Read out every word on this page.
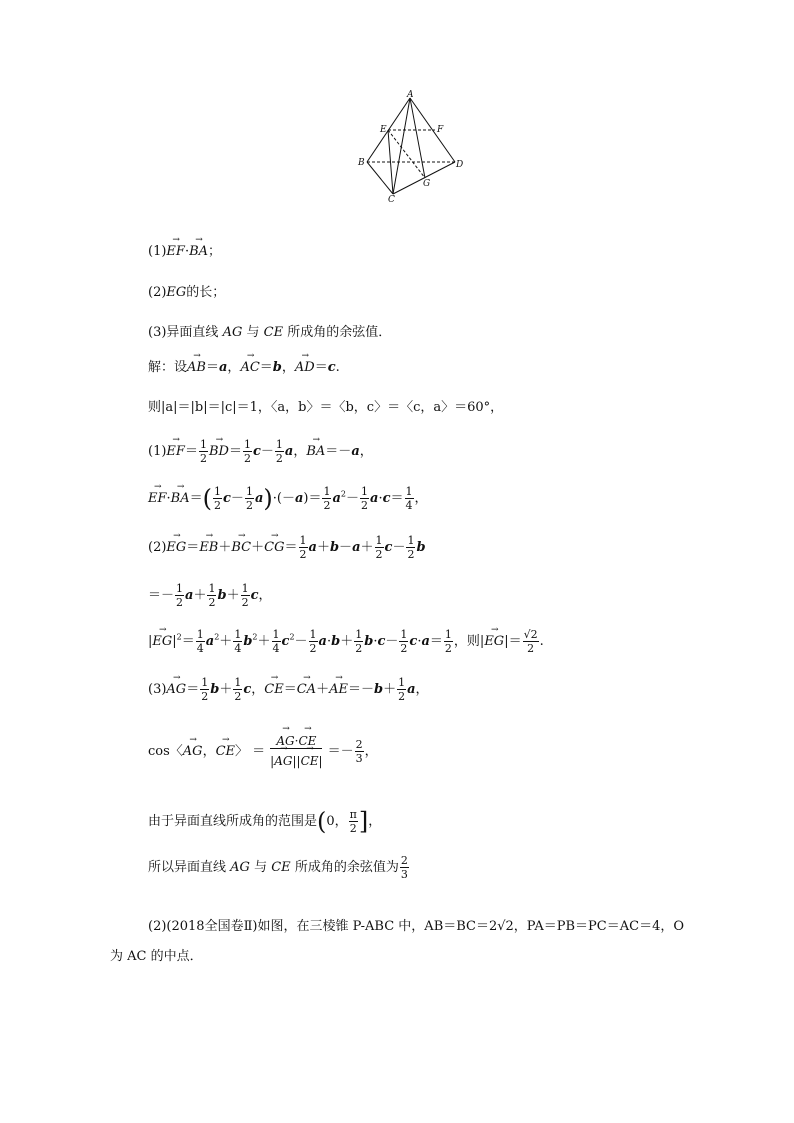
A
E	F
B	D
G
C
(1)→ EF·→ BA；
(2)EG的长；
(3)异面直线 AG 与 CE 所成角的余弦值．
解：设→ AB＝a，→ AC＝b，→ AD＝c.
则|a|＝|b|＝|c|＝1，〈a，b〉＝〈b，c〉＝〈c，a〉＝60°，
$(1)\to EF= \frac{1}{2}$
→ $BD= \frac{1}{2} c- \frac{1}{2}$ a，→ BA＝－a，
→ $EF\cdot\to BA=( \frac{1}{2} c- \frac{1}{2} a)\cdot(-a)= \frac{1}{2} a^2- \frac{1}{2} a\cdot c= \frac{1}{4}$ ，
$(2)\to EG=\to EB+\to BC+\to CG= \frac{1}{2} a+b-a+ \frac{1}{2} c- \frac{1}{2}$ b
＝－ $\frac{1}{2} a+ \frac{1}{2} b+ \frac{1}{2}$ c，
|→ $EG|^2= \frac{1}{4} a^2+ \frac{1}{4} b^2+ \frac{1}{4} c^2- \frac{1}{2} a\cdot b+ \frac{1}{2} b\cdot c- \frac{1}{2} c\cdot a= \frac{1}{2}$ ，则|→ $EG|= \frac{√2}{2}$ .
$(3)\to AG= \frac{1}{2} b+ \frac{1}{2}$ c，→ $CE=\to CA+\to AE=-b+ \frac{1}{2}$ a，
cos〈→ AG，→ CE〉 ＝
→ $\frac{AG\cdot\to CE}{|\to AG||\to CE|} =- \frac{2}{3}$ ，
由于异面直线所成角的范围是(0， $\frac{\pi}{2}$ ]，
所以异面直线 AG 与 CE 所成角的余弦值为 $\frac{2}{3}$
(2)(2018全国卷Ⅱ)如图，在三棱锥 P-ABC 中，AB＝BC＝2√2，PA＝PB＝PC＝AC＝4，O
为 AC 的中点．
